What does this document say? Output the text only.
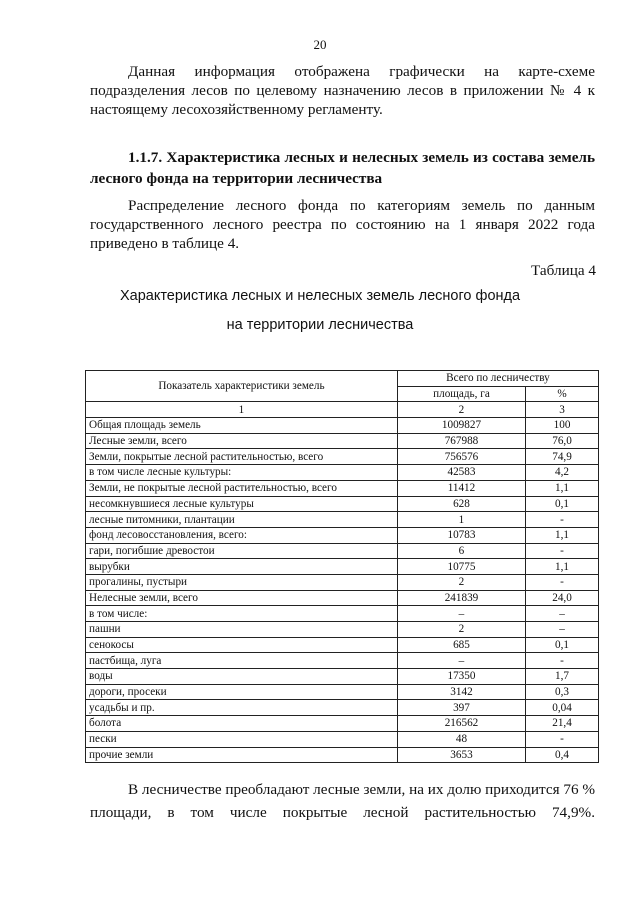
20
Данная информация отображена графически на карте-схеме подразделения лесов по целевому назначению лесов в приложении № 4 к настоящему лесохозяйственному регламенту.
1.1.7. Характеристика лесных и нелесных земель из состава земель лесного фонда на территории лесничества
Распределение лесного фонда по категориям земель по данным государственного лесного реестра по состоянию на 1 января 2022 года приведено в таблице 4.
Таблица 4
Характеристика лесных и нелесных земель лесного фонда
на территории лесничества
Показатель характеристики земель	Всего по лесничеству	
	площадь, га	%
1	2	3
Общая площадь земель	1009827	100
Лесные земли, всего	767988	76,0
Земли, покрытые лесной растительностью, всего	756576	74,9
в том числе лесные культуры:	42583	4,2
Земли, не покрытые лесной растительностью, всего	11412	1,1
несомкнувшиеся лесные культуры	628	0,1
лесные питомники, плантации	1	-
фонд лесовосстановления, всего:	10783	1,1
гари, погибшие древостои	6	-
вырубки	10775	1,1
прогалины, пустыри	2	-
Нелесные земли, всего	241839	24,0
в том числе:	–	–
пашни	2	–
сенокосы	685	0,1
пастбища, луга	–	-
воды	17350	1,7
дороги, просеки	3142	0,3
усадьбы и пр.	397	0,04
болота	216562	21,4
пески	48	-
прочие земли	3653	0,4
В лесничестве преобладают лесные земли, на их долю приходится 76 % площади, в том числе покрытые лесной растительностью 74,9%.
